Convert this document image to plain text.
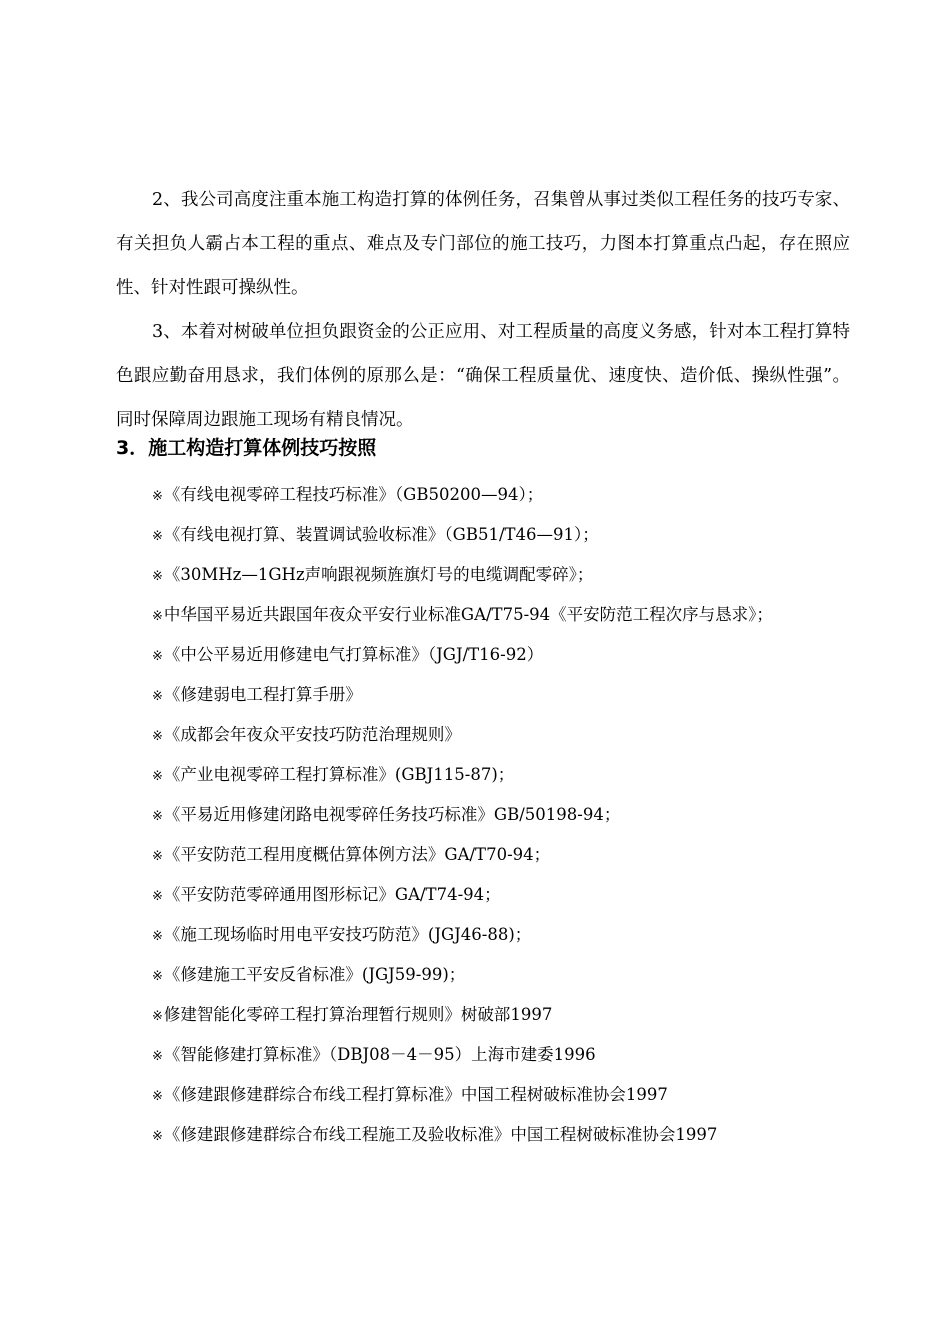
2、我公司高度注重本施工构造打算的体例任务，召集曾从事过类似工程任务的技巧专家、有关担负人霸占本工程的重点、难点及专门部位的施工技巧，力图本打算重点凸起，存在照应性、针对性跟可操纵性。

3、本着对树破单位担负跟资金的公正应用、对工程质量的高度义务感，针对本工程打算特色跟应勤奋用恳求，我们体例的原那么是：“确保工程质量优、速度快、造价低、操纵性强”。同时保障周边跟施工现场有精良情况。

3．施工构造打算体例技巧按照
※《有线电视零碎工程技巧标准》（GB50200—94）；
※《有线电视打算、装置调试验收标准》（GB51/T46—91）；
※《30MHz—1GHz声响跟视频旌旗灯号的电缆调配零碎》；
※中华国平易近共跟国年夜众平安行业标准GA/T75-94《平安防范工程次序与恳求》；
※《中公平易近用修建电气打算标准》（JGJ/T16-92）
※《修建弱电工程打算手册》
※《成都会年夜众平安技巧防范治理规则》
※《产业电视零碎工程打算标准》(GBJ115-87)；
※《平易近用修建闭路电视零碎任务技巧标准》GB/50198-94；
※《平安防范工程用度概估算体例方法》GA/T70-94；
※《平安防范零碎通用图形标记》GA/T74-94；
※《施工现场临时用电平安技巧防范》(JGJ46-88)；
※《修建施工平安反省标准》(JGJ59-99)；
※修建智能化零碎工程打算治理暂行规则》树破部1997
※《智能修建打算标准》（DBJ08－4－95）上海市建委1996
※《修建跟修建群综合布线工程打算标准》中国工程树破标准协会1997
※《修建跟修建群综合布线工程施工及验收标准》中国工程树破标准协会1997
